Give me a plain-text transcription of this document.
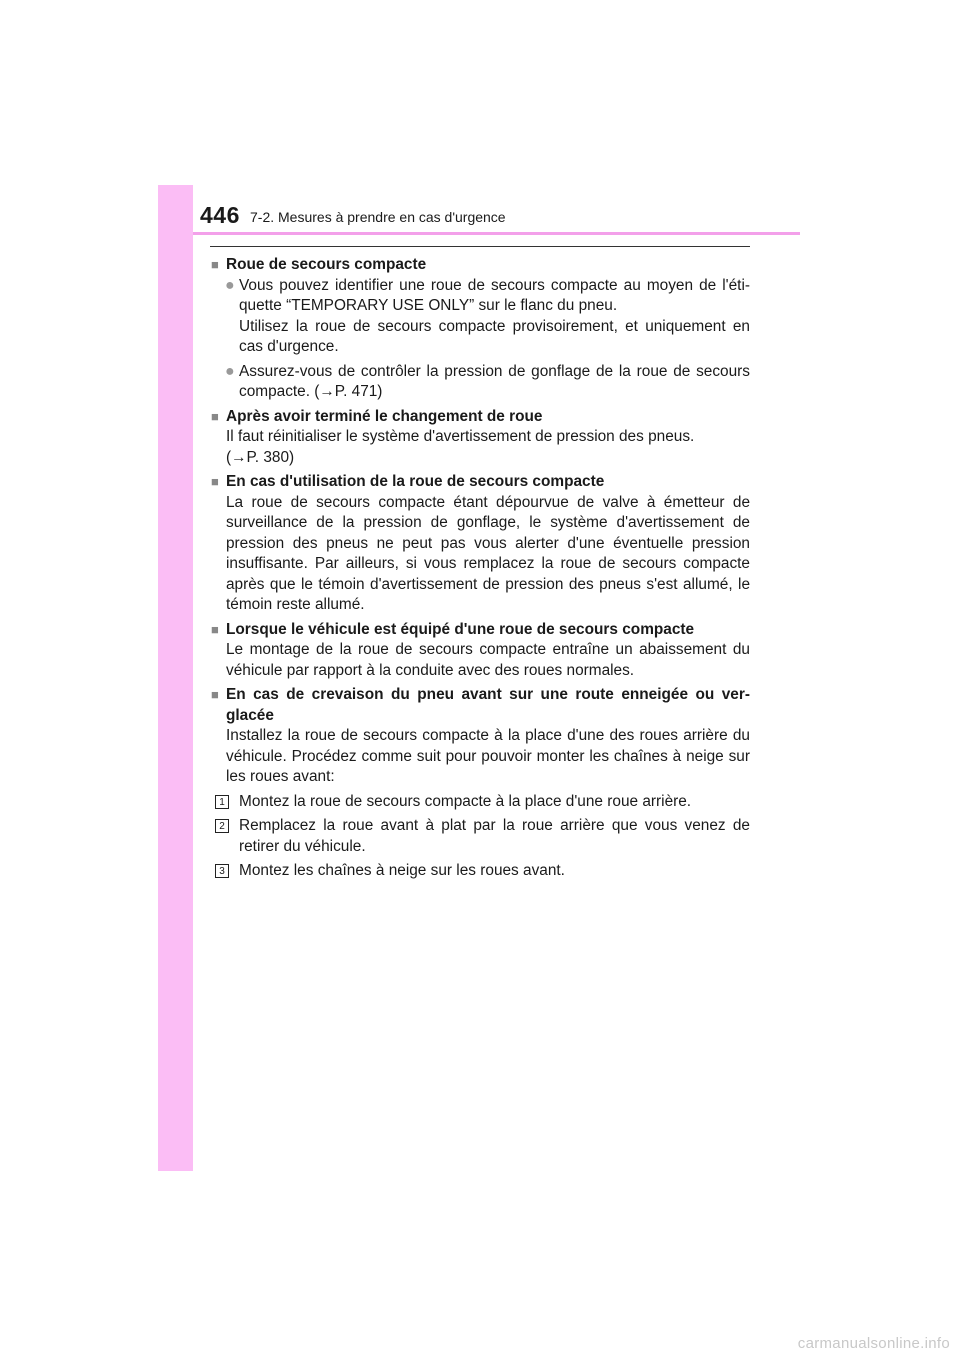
446 7-2. Mesures à prendre en cas d'urgence
■ Roue de secours compacte
● Vous pouvez identifier une roue de secours compacte au moyen de l'éti-quette “TEMPORARY USE ONLY” sur le flanc du pneu.
Utilisez la roue de secours compacte provisoirement, et uniquement en cas d'urgence.
● Assurez-vous de contrôler la pression de gonflage de la roue de secours compacte. (→P. 471)
■ Après avoir terminé le changement de roue
Il faut réinitialiser le système d'avertissement de pression des pneus.
(→P. 380)
■ En cas d'utilisation de la roue de secours compacte
La roue de secours compacte étant dépourvue de valve à émetteur de surveillance de la pression de gonflage, le système d'avertissement de pression des pneus ne peut pas vous alerter d'une éventuelle pression insuffisante. Par ailleurs, si vous remplacez la roue de secours compacte après que le témoin d'avertissement de pression des pneus s'est allumé, le témoin reste allumé.
■ Lorsque le véhicule est équipé d'une roue de secours compacte
Le montage de la roue de secours compacte entraîne un abaissement du véhicule par rapport à la conduite avec des roues normales.
■ En cas de crevaison du pneu avant sur une route enneigée ou ver-glacée
Installez la roue de secours compacte à la place d'une des roues arrière du véhicule. Procédez comme suit pour pouvoir monter les chaînes à neige sur les roues avant:
1 Montez la roue de secours compacte à la place d'une roue arrière.
2 Remplacez la roue avant à plat par la roue arrière que vous venez de retirer du véhicule.
3 Montez les chaînes à neige sur les roues avant.
carmanualsonline.info
